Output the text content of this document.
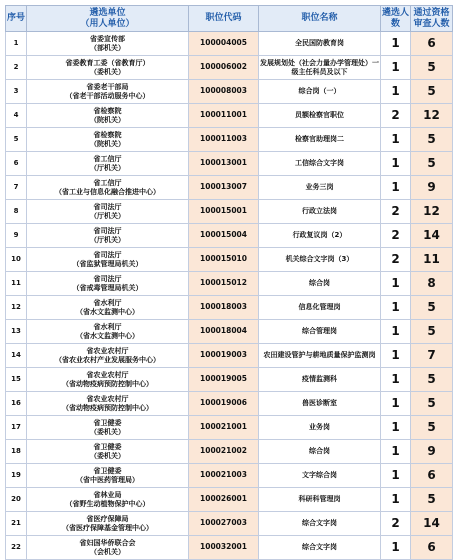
序号	遴选单位
（用人单位）	职位代码	职位名称	遴选人数	通过资格审查人数
1	省委宣传部
（部机关）	100004005	全民国防教育岗	1	6
2	省委教育工委（省教育厅）
（委机关）	100006002	发展规划处（社会力量办学管理处）一级主任科员及以下	1	5
3	省委老干部局
（省老干部活动服务中心）	100008003	综合岗（一）	1	5
4	省检察院
（院机关）	100011001	员额检察官职位	2	12
5	省检察院
（院机关）	100011003	检察官助理岗二	1	5
6	省工信厅
（厅机关）	100013001	工信综合文字岗	1	5
7	省工信厅
（省工业与信息化融合推进中心）	100013007	业务三岗	1	9
8	省司法厅
（厅机关）	100015001	行政立法岗	2	12
9	省司法厅
（厅机关）	100015004	行政复议岗（2）	2	14
10	省司法厅
（省监狱管理局机关）	100015010	机关综合文字岗（3）	2	11
11	省司法厅
（省戒毒管理局机关）	100015012	综合岗	1	8
12	省水利厅
（省水文监测中心）	100018003	信息化管理岗	1	5
13	省水利厅
（省水文监测中心）	100018004	综合管理岗	1	5
14	省农业农村厅
（省农业农村产业发展服务中心）	100019003	农田建设管护与耕地质量保护监测岗	1	7
15	省农业农村厅
（省动物疫病预防控制中心）	100019005	疫情监测科	1	5
16	省农业农村厅
（省动物疫病预防控制中心）	100019006	兽医诊断室	1	5
17	省卫健委
（委机关）	100021001	业务岗	1	5
18	省卫健委
（委机关）	100021002	综合岗	1	9
19	省卫健委
（省中医药管理局）	100021003	文字综合岗	1	6
20	省林业局
（省野生动植物保护中心）	100026001	科研科管理岗	1	5
21	省医疗保障局
（省医疗保障基金管理中心）	100027003	综合文字岗	2	14
22	省妇国华侨联合会
（会机关）	100032001	综合文字岗	1	6
